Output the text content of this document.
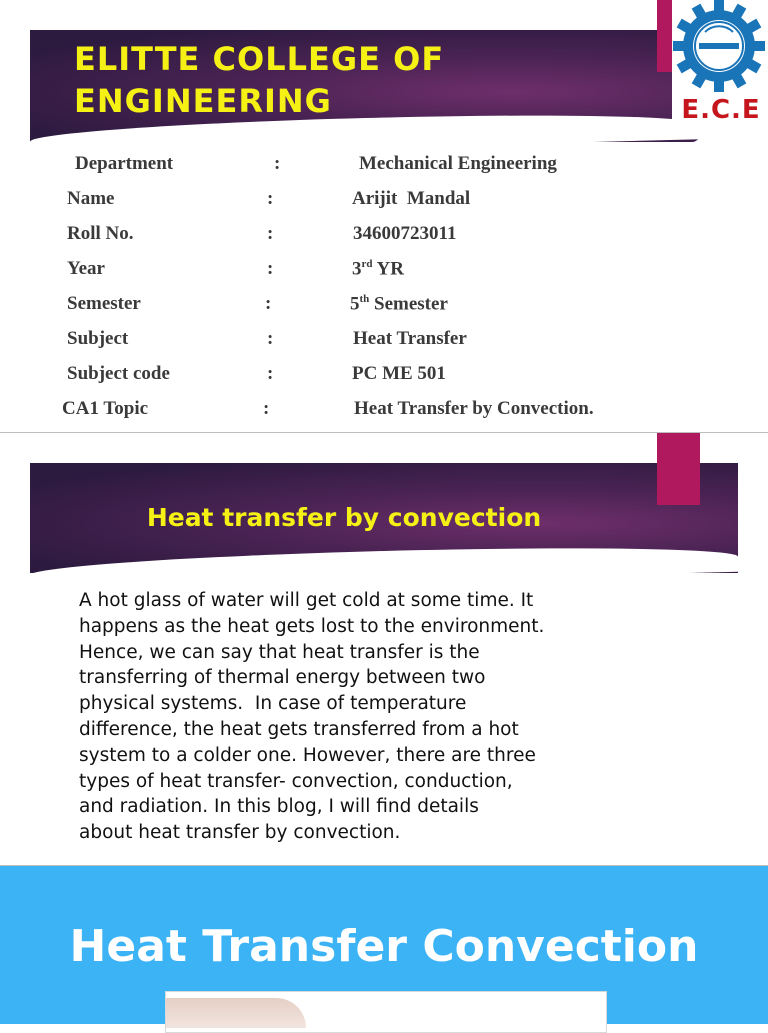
ELITTE COLLEGE OF ENGINEERING	E.C.E
Department	:	Mechanical Engineering
Name	:	Arijit  Mandal
Roll No.	:	34600723011
Year	:	3rd YR
Semester	:	5th Semester
Subject	:	Heat Transfer
Subject code	:	PC ME 501
CA1 Topic	:	Heat Transfer by Convection.
Heat transfer by convection
A hot glass of water will get cold at some time. It
happens as the heat gets lost to the environment.
Hence, we can say that heat transfer is the
transferring of thermal energy between two
physical systems.  In case of temperature
difference, the heat gets transferred from a hot
system to a colder one. However, there are three
types of heat transfer- convection, conduction,
and radiation. In this blog, I will find details
about heat transfer by convection.
Heat Transfer Convection
